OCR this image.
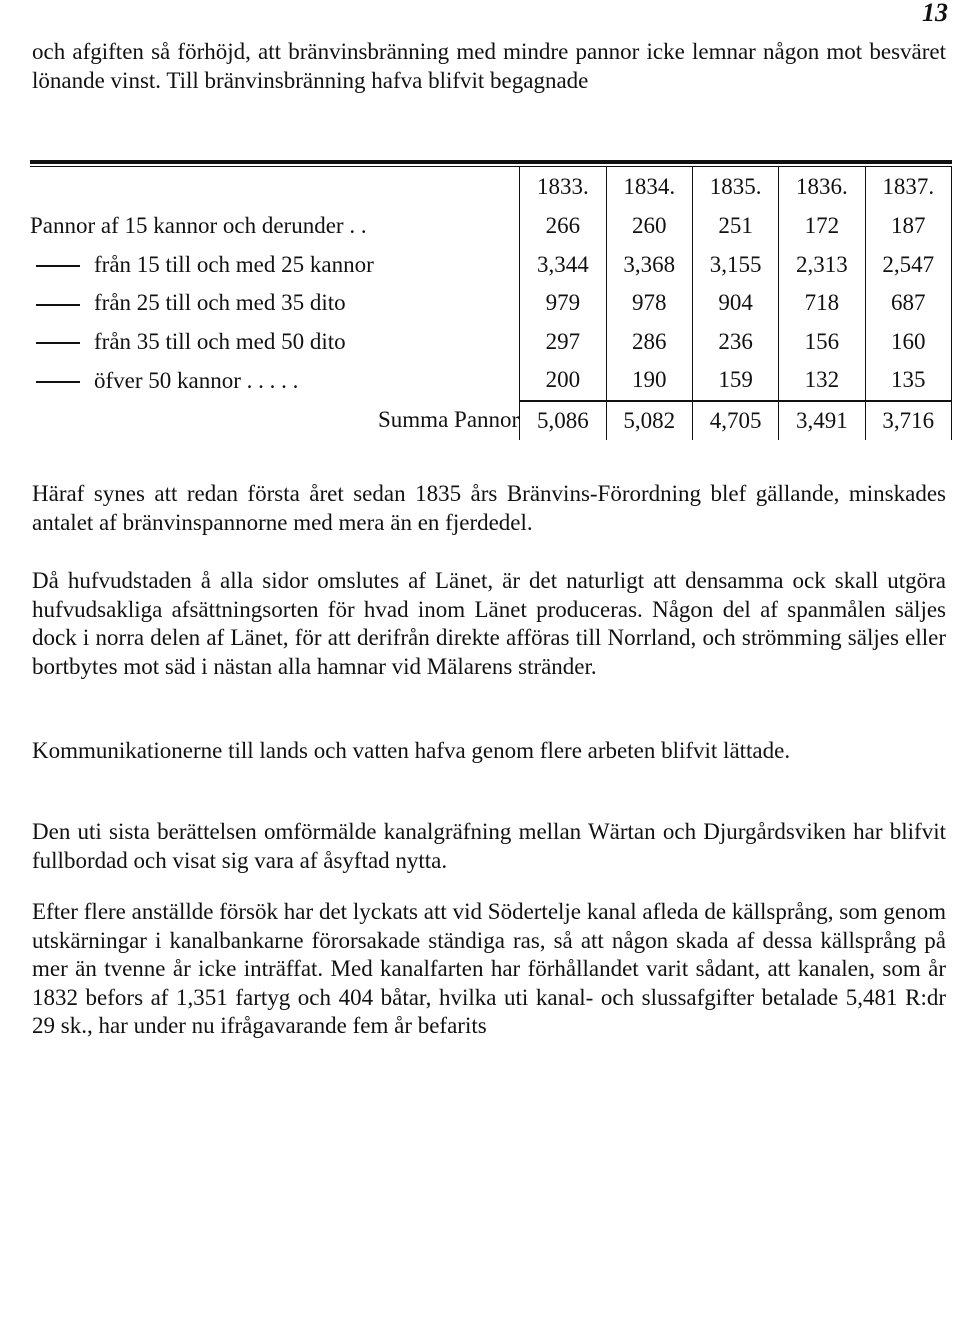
13

och afgiften så förhöjd, att bränvinsbränning med mindre pannor icke lemnar någon mot besväret lönande vinst. Till bränvinsbränning hafva blifvit begagnade

	1833.	1834.	1835.	1836.	1837.
Pannor af 15 kannor och derunder . .	266	260	251	172	187
från 15 till och med 25 kannor	3,344	3,368	3,155	2,313	2,547
från 25 till och med 35 dito	979	978	904	718	687
från 35 till och med 50 dito	297	286	236	156	160
öfver 50 kannor . . . . .	200	190	159	132	135
Summa Pannor	5,086	5,082	4,705	3,491	3,716

Häraf synes att redan första året sedan 1835 års Bränvins-Förordning blef gällande, minskades antalet af bränvinspannorne med mera än en fjerdedel.

Då hufvudstaden å alla sidor omslutes af Länet, är det naturligt att densamma ock skall utgöra hufvudsakliga afsättningsorten för hvad inom Länet produceras. Någon del af spanmålen säljes dock i norra delen af Länet, för att derifrån direkte afföras till Norrland, och strömming säljes eller bortbytes mot säd i nästan alla hamnar vid Mälarens stränder.

Kommunikationerne till lands och vatten hafva genom flere arbeten blifvit lättade.

Den uti sista berättelsen omförmälde kanalgräfning mellan Wärtan och Djurgårdsviken har blifvit fullbordad och visat sig vara af åsyftad nytta.

Efter flere anställde försök har det lyckats att vid Södertelje kanal afleda de källsprång, som genom utskärningar i kanalbankarne förorsakade ständiga ras, så att någon skada af dessa källsprång på mer än tvenne år icke inträffat. Med kanalfarten har förhållandet varit sådant, att kanalen, som år 1832 befors af 1,351 fartyg och 404 båtar, hvilka uti kanal- och slussafgifter betalade 5,481 R:dr 29 sk., har under nu ifrågavarande fem år befarits
